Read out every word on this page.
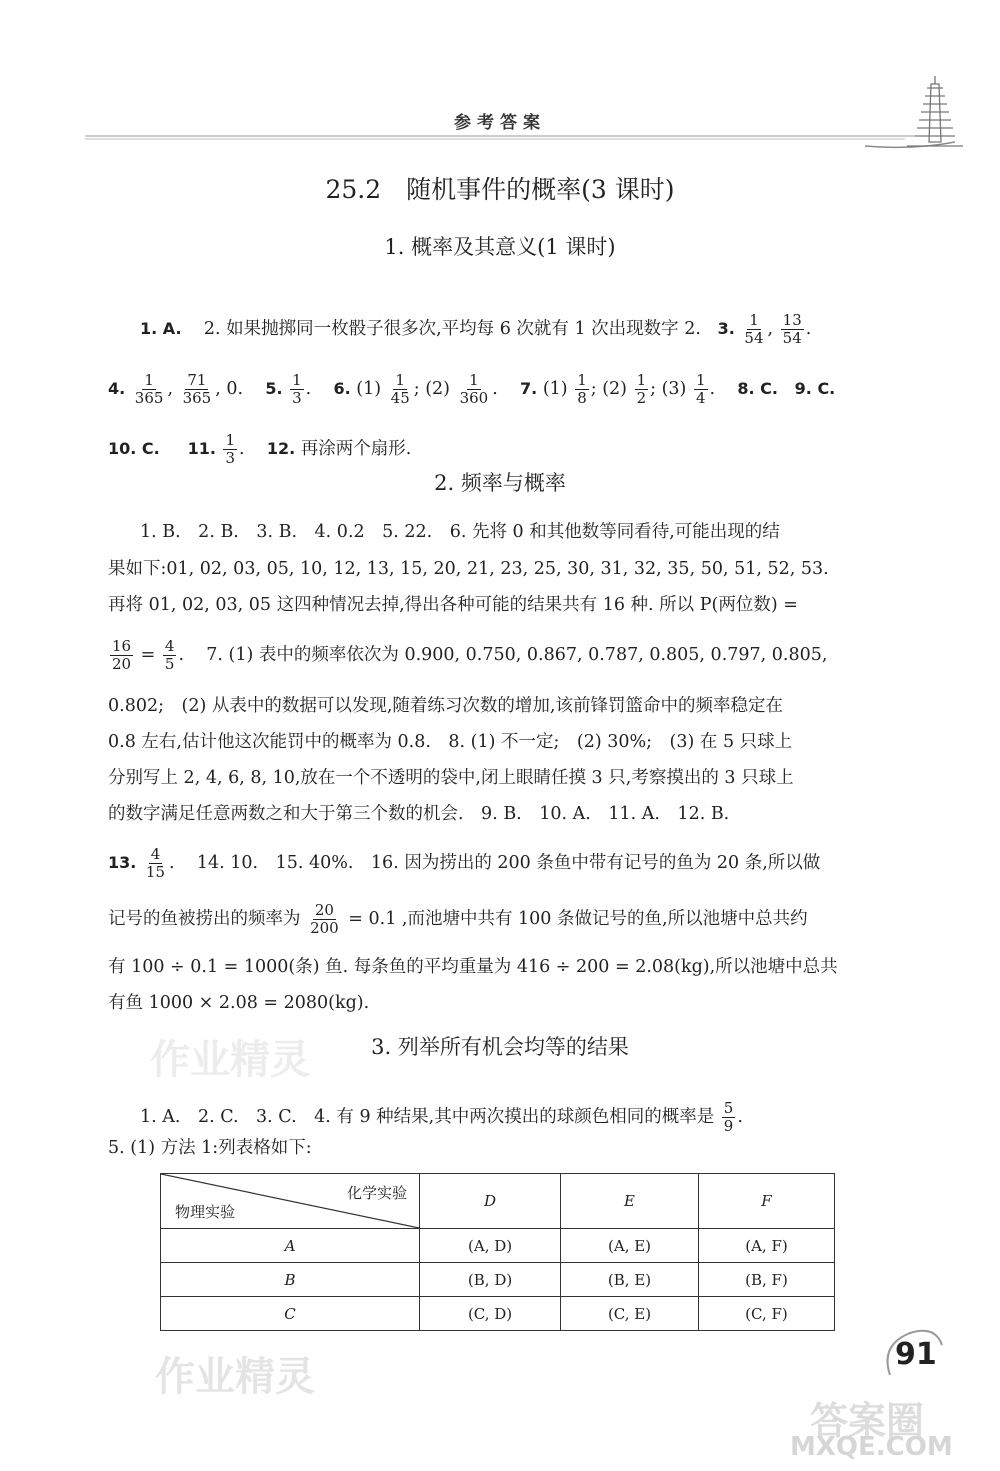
参考答案
25.2　随机事件的概率(3 课时)
1. 概率及其意义(1 课时)
1. A. 2. 如果抛掷同一枚骰子很多次,平均每 6 次就有 1 次出现数字 2. 3. $\frac{1}{54}$ , $\frac{13}{54}$ .
4. $\frac{1}{365}$ , $\frac{71}{365}$ , 0. 5. $\frac{1}{3}$ .    6. $(1) \frac{1}{45}$ ; $(2) \frac{1}{360}$ .    7. $(1) \frac{1}{8}$ ; $(2) \frac{1}{2}$ ; $(3) \frac{1}{4}$ .    8. C. 9. C.
10. C. 11. $\frac{1}{3}$ .    12. 再涂两个扇形.
2. 频率与概率
1. B.　2. B.　3. B.　4. 0.2　5. 22.　6. 先将 0 和其他数等同看待,可能出现的结
果如下:01, 02, 03, 05, 10, 12, 13, 15, 20, 21, 23, 25, 30, 31, 32, 35, 50, 51, 52, 53.
再将 01, 02, 03, 05 这四种情况去掉,得出各种可能的结果共有 16 种. 所以 P(两位数) =
$\frac{16}{20} = \frac{4}{5}$ .    7. (1) 表中的频率依次为 0.900, 0.750, 0.867, 0.787, 0.805, 0.797, 0.805,
0.802;　(2) 从表中的数据可以发现,随着练习次数的增加,该前锋罚篮命中的频率稳定在
0.8 左右,估计他这次能罚中的概率为 0.8.　8. (1) 不一定;　(2) 30%;　(3) 在 5 只球上
分别写上 2, 4, 6, 8, 10,放在一个不透明的袋中,闭上眼睛任摸 3 只,考察摸出的 3 只球上
的数字满足任意两数之和大于第三个数的机会.　9. B.　10. A.　11. A.　12. B.
13. $\frac{4}{15}$ .    14. 10.　15. 40%.　16. 因为捞出的 200 条鱼中带有记号的鱼为 20 条,所以做
记号的鱼被捞出的频率为 $\frac{20}{200} = 0.1$ ,而池塘中共有 100 条做记号的鱼,所以池塘中总共约
有 100 ÷ 0.1 = 1000(条) 鱼. 每条鱼的平均重量为 416 ÷ 200 = 2.08(kg),所以池塘中总共
有鱼 1000 × 2.08 = 2080(kg).
作业精灵	3. 列举所有机会均等的结果
1. A.　2. C.　3. C.　4. 有 9 种结果,其中两次摸出的球颜色相同的概率是 $\frac{5}{9}$ .
5. (1) 方法 1:列表格如下:
化学实验
物理实验	D	E	F
A	(A, D)	(A, E)	(A, F)
B	(B, D)	(B, E)	(B, F)
C	(C, D)	(C, E)	(C, F)
作业精灵	91
答案圈
MXQE.COM
